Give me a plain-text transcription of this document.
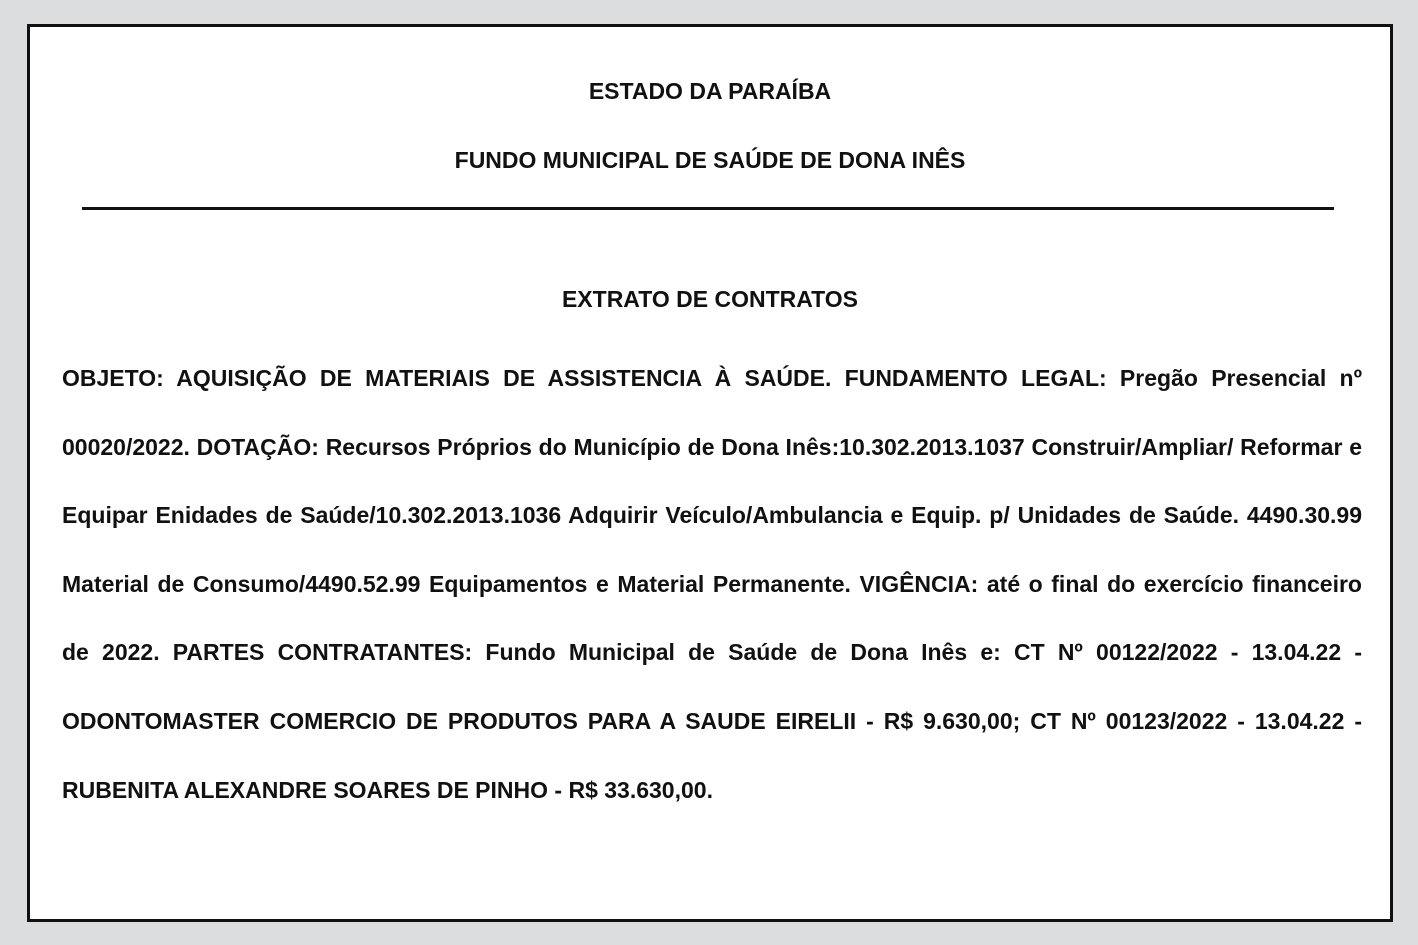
ESTADO DA PARAÍBA

FUNDO MUNICIPAL DE SAÚDE DE DONA INÊS

EXTRATO DE CONTRATOS

OBJETO: AQUISIÇÃO DE MATERIAIS DE ASSISTENCIA À SAÚDE. FUNDAMENTO LEGAL: Pregão Presencial nº 00020/2022. DOTAÇÃO: Recursos Próprios do Município de Dona Inês:10.302.2013.1037 Construir/Ampliar/ Reformar e Equipar Enidades de Saúde/10.302.2013.1036 Adquirir Veículo/Ambulancia e Equip. p/ Unidades de Saúde. 4490.30.99 Material de Consumo/4490.52.99 Equipamentos e Material Permanente. VIGÊNCIA: até o final do exercício financeiro de 2022. PARTES CONTRATANTES: Fundo Municipal de Saúde de Dona Inês e: CT Nº 00122/2022 - 13.04.22 - ODONTOMASTER COMERCIO DE PRODUTOS PARA A SAUDE EIRELII - R$ 9.630,00; CT Nº 00123/2022 - 13.04.22 - RUBENITA ALEXANDRE SOARES DE PINHO - R$ 33.630,00.
